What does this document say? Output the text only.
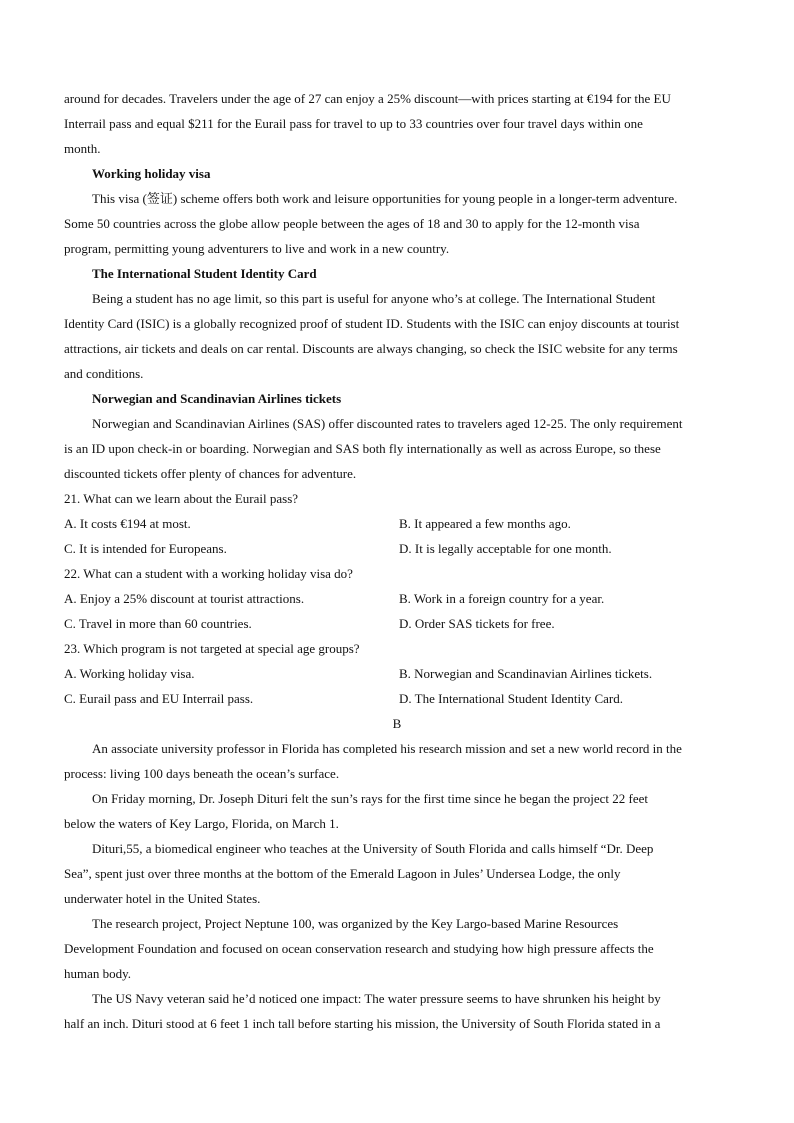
around for decades. Travelers under the age of 27 can enjoy a 25% discount—with prices starting at €194 for the EU
Interrail pass and equal $211 for the Eurail pass for travel to up to 33 countries over four travel days within one
month.
Working holiday visa
This visa (签证) scheme offers both work and leisure opportunities for young people in a longer-term adventure.
Some 50 countries across the globe allow people between the ages of 18 and 30 to apply for the 12-month visa
program, permitting young adventurers to live and work in a new country.
The International Student Identity Card
Being a student has no age limit, so this part is useful for anyone who’s at college. The International Student
Identity Card (ISIC) is a globally recognized proof of student ID. Students with the ISIC can enjoy discounts at tourist
attractions, air tickets and deals on car rental. Discounts are always changing, so check the ISIC website for any terms
and conditions.
Norwegian and Scandinavian Airlines tickets
Norwegian and Scandinavian Airlines (SAS) offer discounted rates to travelers aged 12-25. The only requirement
is an ID upon check-in or boarding. Norwegian and SAS both fly internationally as well as across Europe, so these
discounted tickets offer plenty of chances for adventure.
21. What can we learn about the Eurail pass?
A. It costs €194 at most.	B. It appeared a few months ago.
C. It is intended for Europeans.	D. It is legally acceptable for one month.
22. What can a student with a working holiday visa do?
A. Enjoy a 25% discount at tourist attractions.	B. Work in a foreign country for a year.
C. Travel in more than 60 countries.	D. Order SAS tickets for free.
23. Which program is not targeted at special age groups?
A. Working holiday visa.	B. Norwegian and Scandinavian Airlines tickets.
C. Eurail pass and EU Interrail pass.	D. The International Student Identity Card.
B
An associate university professor in Florida has completed his research mission and set a new world record in the
process: living 100 days beneath the ocean’s surface.
On Friday morning, Dr. Joseph Dituri felt the sun’s rays for the first time since he began the project 22 feet
below the waters of Key Largo, Florida, on March 1.
Dituri,55, a biomedical engineer who teaches at the University of South Florida and calls himself “Dr. Deep
Sea”, spent just over three months at the bottom of the Emerald Lagoon in Jules’ Undersea Lodge, the only
underwater hotel in the United States.
The research project, Project Neptune 100, was organized by the Key Largo-based Marine Resources
Development Foundation and focused on ocean conservation research and studying how high pressure affects the
human body.
The US Navy veteran said he’d noticed one impact: The water pressure seems to have shrunken his height by
half an inch. Dituri stood at 6 feet 1 inch tall before starting his mission, the University of South Florida stated in a
